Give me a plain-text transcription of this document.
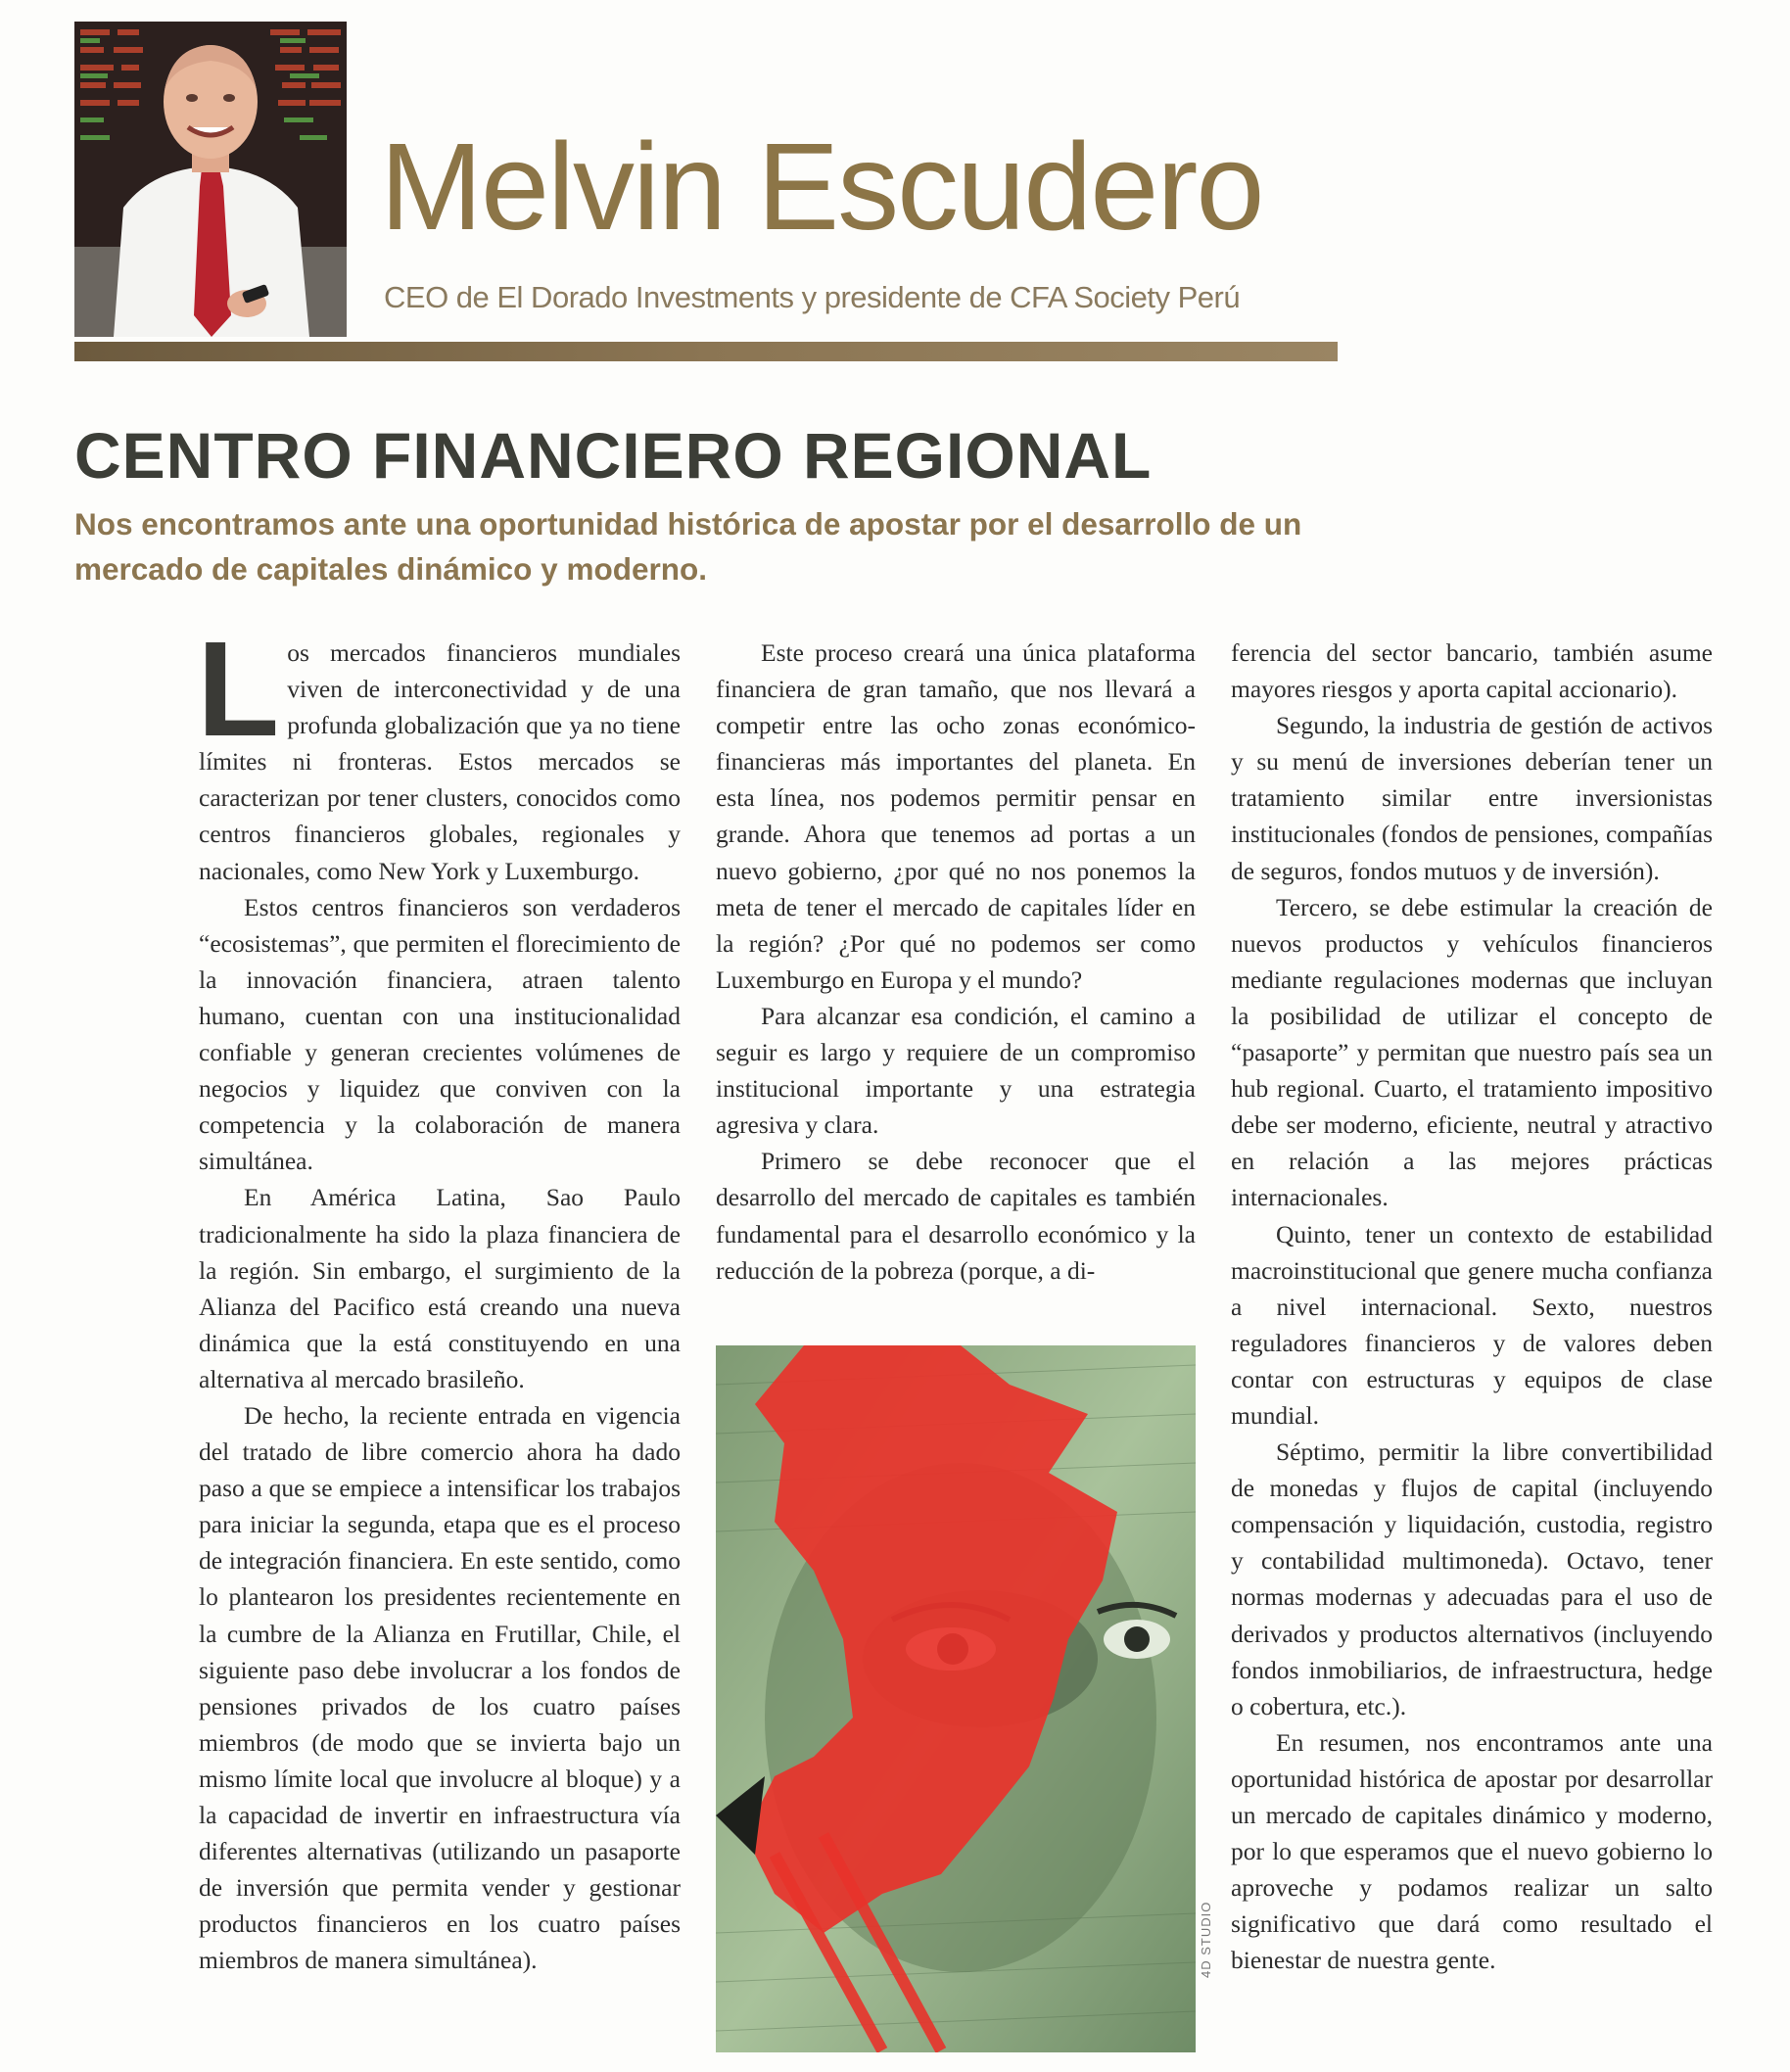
Melvin Escudero
CEO de El Dorado Investments y presidente de CFA Society Perú
CENTRO FINANCIERO REGIONAL
Nos encontramos ante una oportunidad histórica de apostar por el desarrollo de un mercado de capitales dinámico y moderno.

Los mercados financieros mundiales viven de interconectividad y de una profunda globalización que ya no tiene límites ni fronteras. Estos mercados se caracterizan por tener clusters, conocidos como centros financieros globales, regionales y nacionales, como New York y Luxemburgo.

Estos centros financieros son verdaderos “ecosistemas”, que permiten el florecimiento de la innovación financiera, atraen talento humano, cuentan con una institucionalidad confiable y generan crecientes volúmenes de negocios y liquidez que conviven con la competencia y la colaboración de manera simultánea.

En América Latina, Sao Paulo tradicionalmente ha sido la plaza financiera de la región. Sin embargo, el surgimiento de la Alianza del Pacifico está creando una nueva dinámica que la está constituyendo en una alternativa al mercado brasileño.

De hecho, la reciente entrada en vigencia del tratado de libre comercio ahora ha dado paso a que se empiece a intensificar los trabajos para iniciar la segunda, etapa que es el proceso de integración financiera. En este sentido, como lo plantearon los presidentes recientemente en la cumbre de la Alianza en Frutillar, Chile, el siguiente paso debe involucrar a los fondos de pensiones privados de los cuatro países miembros (de modo que se invierta bajo un mismo límite local que involucre al bloque) y a la capacidad de invertir en infraestructura vía diferentes alternativas (utilizando un pasaporte de inversión que permita vender y gestionar productos financieros en los cuatro países miembros de manera simultánea).

Este proceso creará una única plataforma financiera de gran tamaño, que nos llevará a competir entre las ocho zonas económico-financieras más importantes del planeta. En esta línea, nos podemos permitir pensar en grande. Ahora que tenemos ad portas a un nuevo gobierno, ¿por qué no nos ponemos la meta de tener el mercado de capitales líder en la región? ¿Por qué no podemos ser como Luxemburgo en Europa y el mundo?

Para alcanzar esa condición, el camino a seguir es largo y requiere de un compromiso institucional importante y una estrategia agresiva y clara.

Primero se debe reconocer que el desarrollo del mercado de capitales es también fundamental para el desarrollo económico y la reducción de la pobreza (porque, a di-

4D STUDIO

ferencia del sector bancario, también asume mayores riesgos y aporta capital accionario).

Segundo, la industria de gestión de activos y su menú de inversiones deberían tener un tratamiento similar entre inversionistas institucionales (fondos de pensiones, compañías de seguros, fondos mutuos y de inversión).

Tercero, se debe estimular la creación de nuevos productos y vehículos financieros mediante regulaciones modernas que incluyan la posibilidad de utilizar el concepto de “pasaporte” y permitan que nuestro país sea un hub regional. Cuarto, el tratamiento impositivo debe ser moderno, eficiente, neutral y atractivo en relación a las mejores prácticas internacionales.

Quinto, tener un contexto de estabilidad macroinstitucional que genere mucha confianza a nivel internacional. Sexto, nuestros reguladores financieros y de valores deben contar con estructuras y equipos de clase mundial.

Séptimo, permitir la libre convertibilidad de monedas y flujos de capital (incluyendo compensación y liquidación, custodia, registro y contabilidad multimoneda). Octavo, tener normas modernas y adecuadas para el uso de derivados y productos alternativos (incluyendo fondos inmobiliarios, de infraestructura, hedge o cobertura, etc.).

En resumen, nos encontramos ante una oportunidad histórica de apostar por desarrollar un mercado de capitales dinámico y moderno, por lo que esperamos que el nuevo gobierno lo aproveche y podamos realizar un salto significativo que dará como resultado el bienestar de nuestra gente.
